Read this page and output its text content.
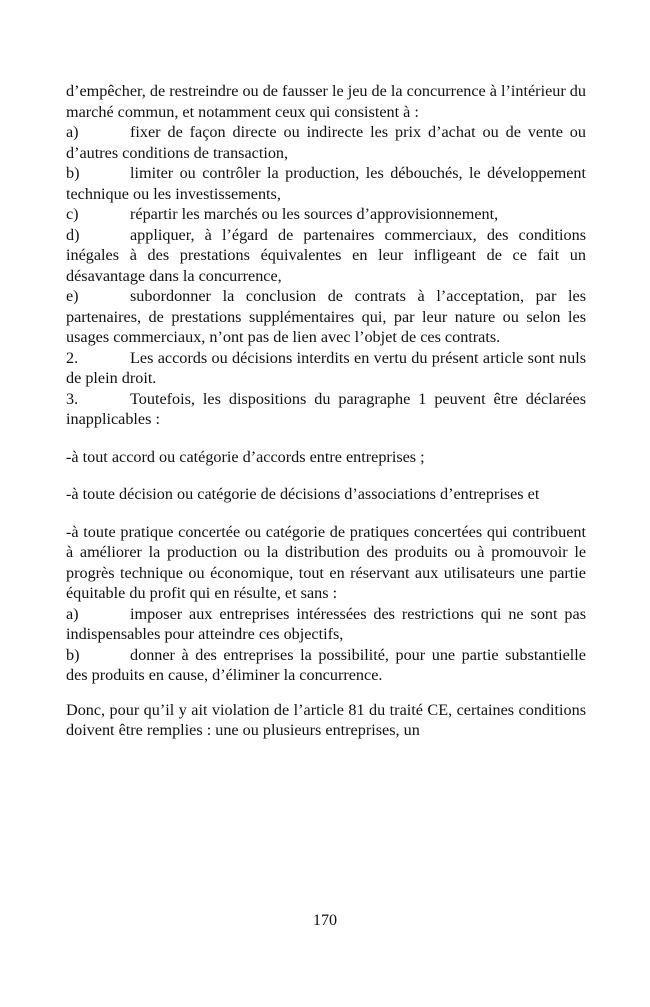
d’empêcher, de restreindre ou de fausser le jeu de la concurrence à l’intérieur du marché commun, et notamment ceux qui consistent à :

a)	fixer de façon directe ou indirecte les prix d’achat ou de vente ou d’autres conditions de transaction,

b)	limiter ou contrôler la production, les débouchés, le développement technique ou les investissements,

c)	répartir les marchés ou les sources d’approvisionnement,

d)	appliquer, à l’égard de partenaires commerciaux, des conditions inégales à des prestations équivalentes en leur infligeant de ce fait un désavantage dans la concurrence,

e)	subordonner la conclusion de contrats à l’acceptation, par les partenaires, de prestations supplémentaires qui, par leur nature ou selon les usages commerciaux, n’ont pas de lien avec l’objet de ces contrats.

2.	Les accords ou décisions interdits en vertu du présent article sont nuls de plein droit.

3.	Toutefois, les dispositions du paragraphe 1 peuvent être déclarées inapplicables :

-à tout accord ou catégorie d’accords entre entreprises ;

-à toute décision ou catégorie de décisions d’associations d’entreprises et

-à toute pratique concertée ou catégorie de pratiques concertées qui contribuent à améliorer la production ou la distribution des produits ou à promouvoir le progrès technique ou économique, tout en réservant aux utilisateurs une partie équitable du profit qui en résulte, et sans :

a)	imposer aux entreprises intéressées des restrictions qui ne sont pas indispensables pour atteindre ces objectifs,

b)	donner à des entreprises la possibilité, pour une partie substantielle des produits en cause, d’éliminer la concurrence.

Donc, pour qu’il y ait violation de l’article 81 du traité CE, certaines conditions doivent être remplies : une ou plusieurs entreprises, un

170
